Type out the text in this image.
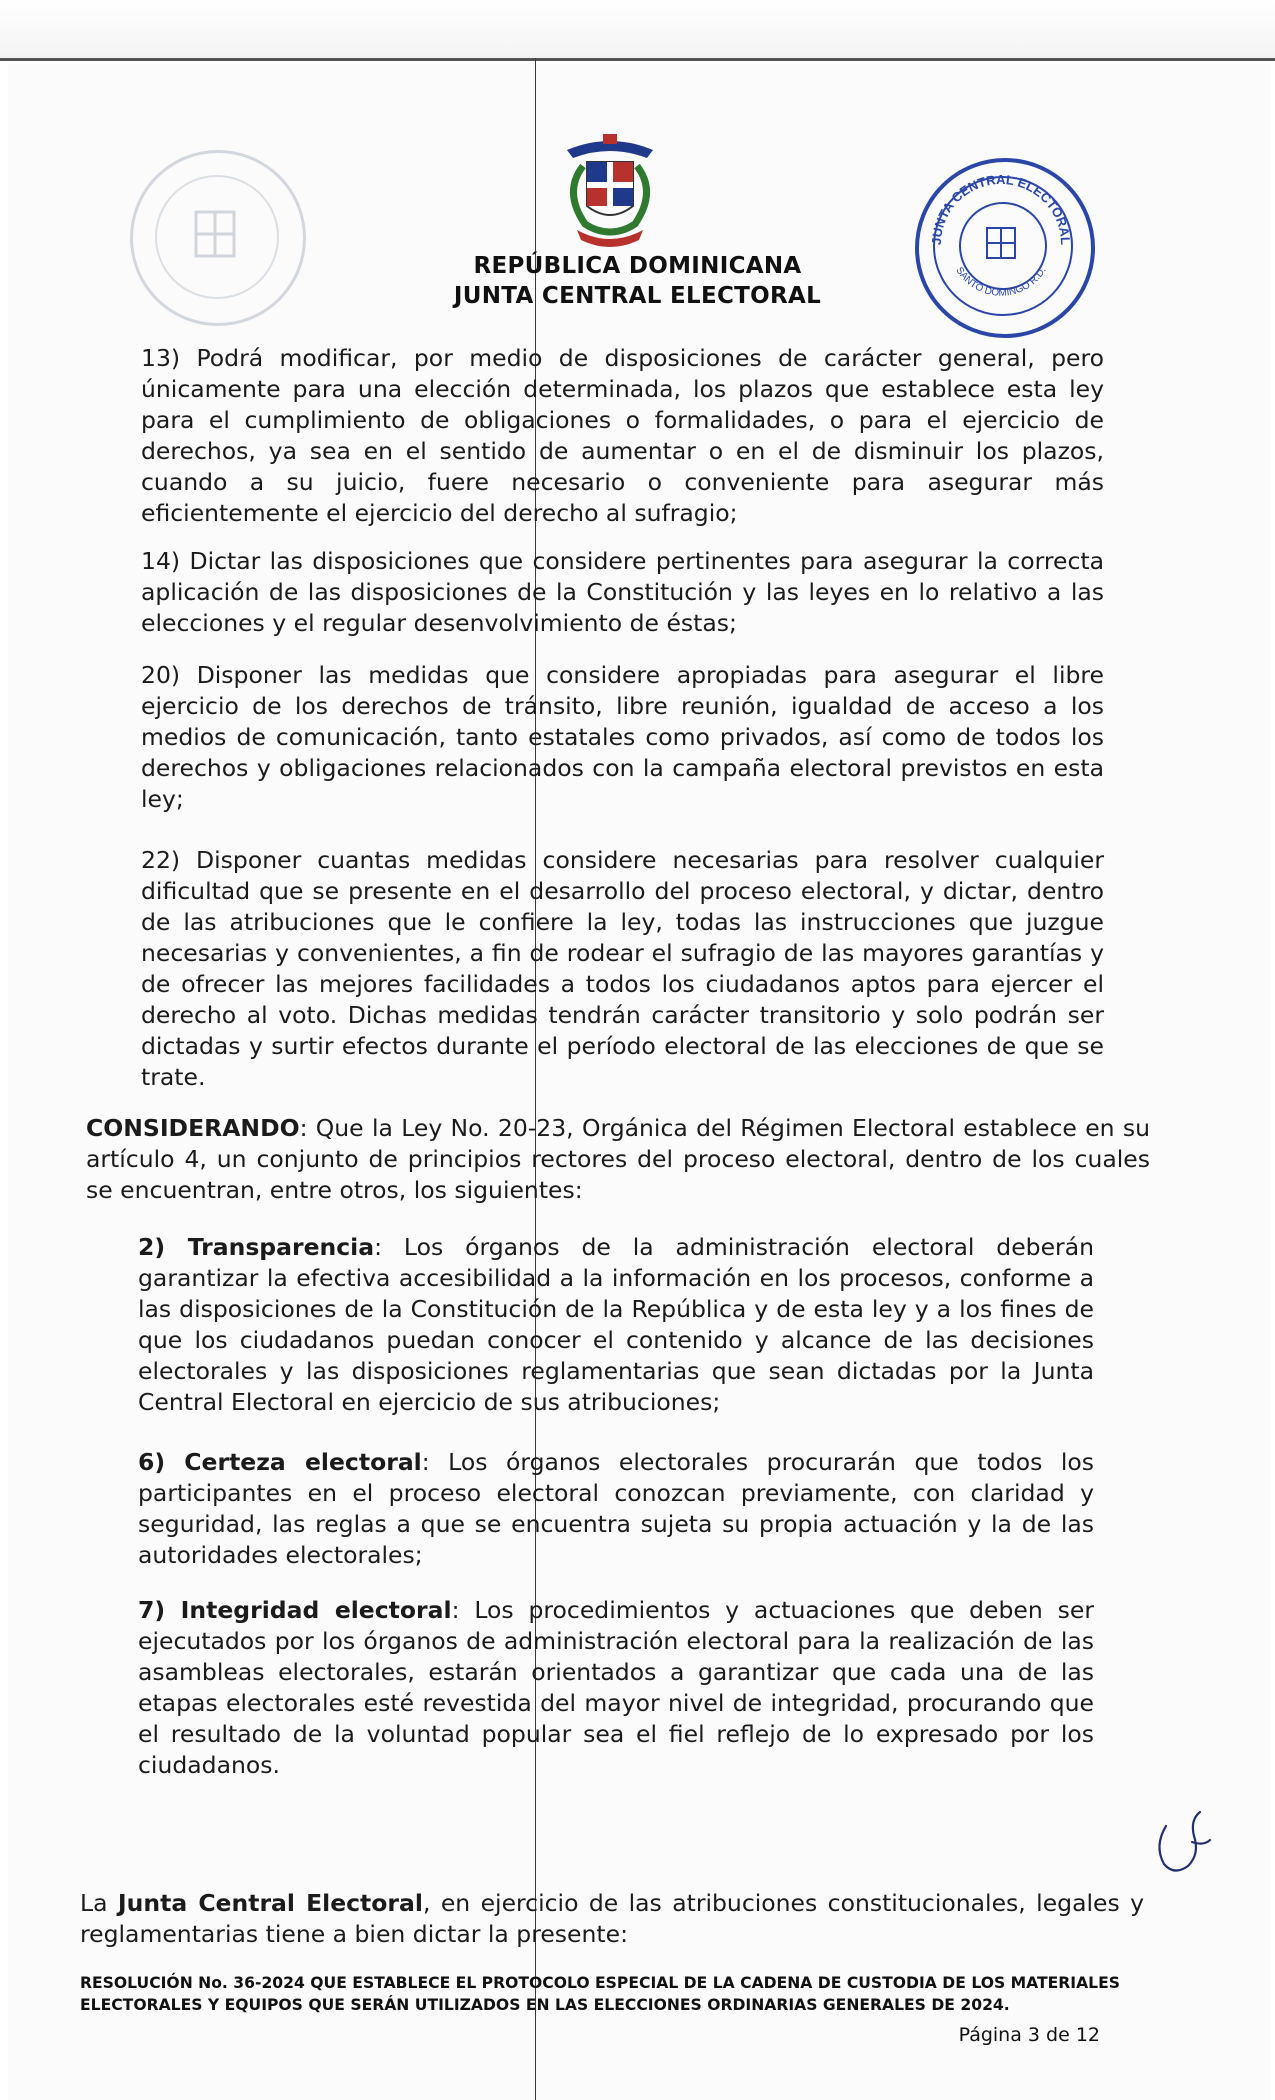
REPÚBLICA DOMINICANA
JUNTA CENTRAL ELECTORAL
JUNTA CENTRAL ELECTORAL
SANTO DOMINGO R.D.
13) Podrá modificar, por medio de disposiciones de carácter general, pero únicamente para una elección determinada, los plazos que establece esta ley para el cumplimiento de obligaciones o formalidades, o para el ejercicio de derechos, ya sea en el sentido de aumentar o en el de disminuir los plazos, cuando a su juicio, fuere necesario o conveniente para asegurar más eficientemente el ejercicio del derecho al sufragio;
14) Dictar las disposiciones que considere pertinentes para asegurar la correcta aplicación de las disposiciones de la Constitución y las leyes en lo relativo a las elecciones y el regular desenvolvimiento de éstas;
20) Disponer las medidas que considere apropiadas para asegurar el libre ejercicio de los derechos de tránsito, libre reunión, igualdad de acceso a los medios de comunicación, tanto estatales como privados, así como de todos los derechos y obligaciones relacionados con la campaña electoral previstos en esta ley;
22) Disponer cuantas medidas considere necesarias para resolver cualquier dificultad que se presente en el desarrollo del proceso electoral, y dictar, dentro de las atribuciones que le confiere la ley, todas las instrucciones que juzgue necesarias y convenientes, a fin de rodear el sufragio de las mayores garantías y de ofrecer las mejores facilidades a todos los ciudadanos aptos para ejercer el derecho al voto. Dichas medidas tendrán carácter transitorio y solo podrán ser dictadas y surtir efectos durante el período electoral de las elecciones de que se trate.
CONSIDERANDO: Que la Ley No. 20-23, Orgánica del Régimen Electoral establece en su artículo 4, un conjunto de principios rectores del proceso electoral, dentro de los cuales se encuentran, entre otros, los siguientes:
2) Transparencia: Los órganos de la administración electoral deberán garantizar la efectiva accesibilidad a la información en los procesos, conforme a las disposiciones de la Constitución de la República y de esta ley y a los fines de que los ciudadanos puedan conocer el contenido y alcance de las decisiones electorales y las disposiciones reglamentarias que sean dictadas por la Junta Central Electoral en ejercicio de sus atribuciones;
6) Certeza electoral: Los órganos electorales procurarán que todos los participantes en el proceso electoral conozcan previamente, con claridad y seguridad, las reglas a que se encuentra sujeta su propia actuación y la de las autoridades electorales;
7) Integridad electoral: Los procedimientos y actuaciones que deben ser ejecutados por los órganos de administración electoral para la realización de las asambleas electorales, estarán orientados a garantizar que cada una de las etapas electorales esté revestida del mayor nivel de integridad, procurando que el resultado de la voluntad popular sea el fiel reflejo de lo expresado por los ciudadanos.
La Junta Central Electoral, en ejercicio de las atribuciones constitucionales, legales y reglamentarias tiene a bien dictar la presente:
RESOLUCIÓN No. 36-2024 QUE ESTABLECE EL PROTOCOLO ESPECIAL DE LA CADENA DE CUSTODIA DE LOS MATERIALES ELECTORALES Y EQUIPOS QUE SERÁN UTILIZADOS EN LAS ELECCIONES ORDINARIAS GENERALES DE 2024.
Página 3 de 12
